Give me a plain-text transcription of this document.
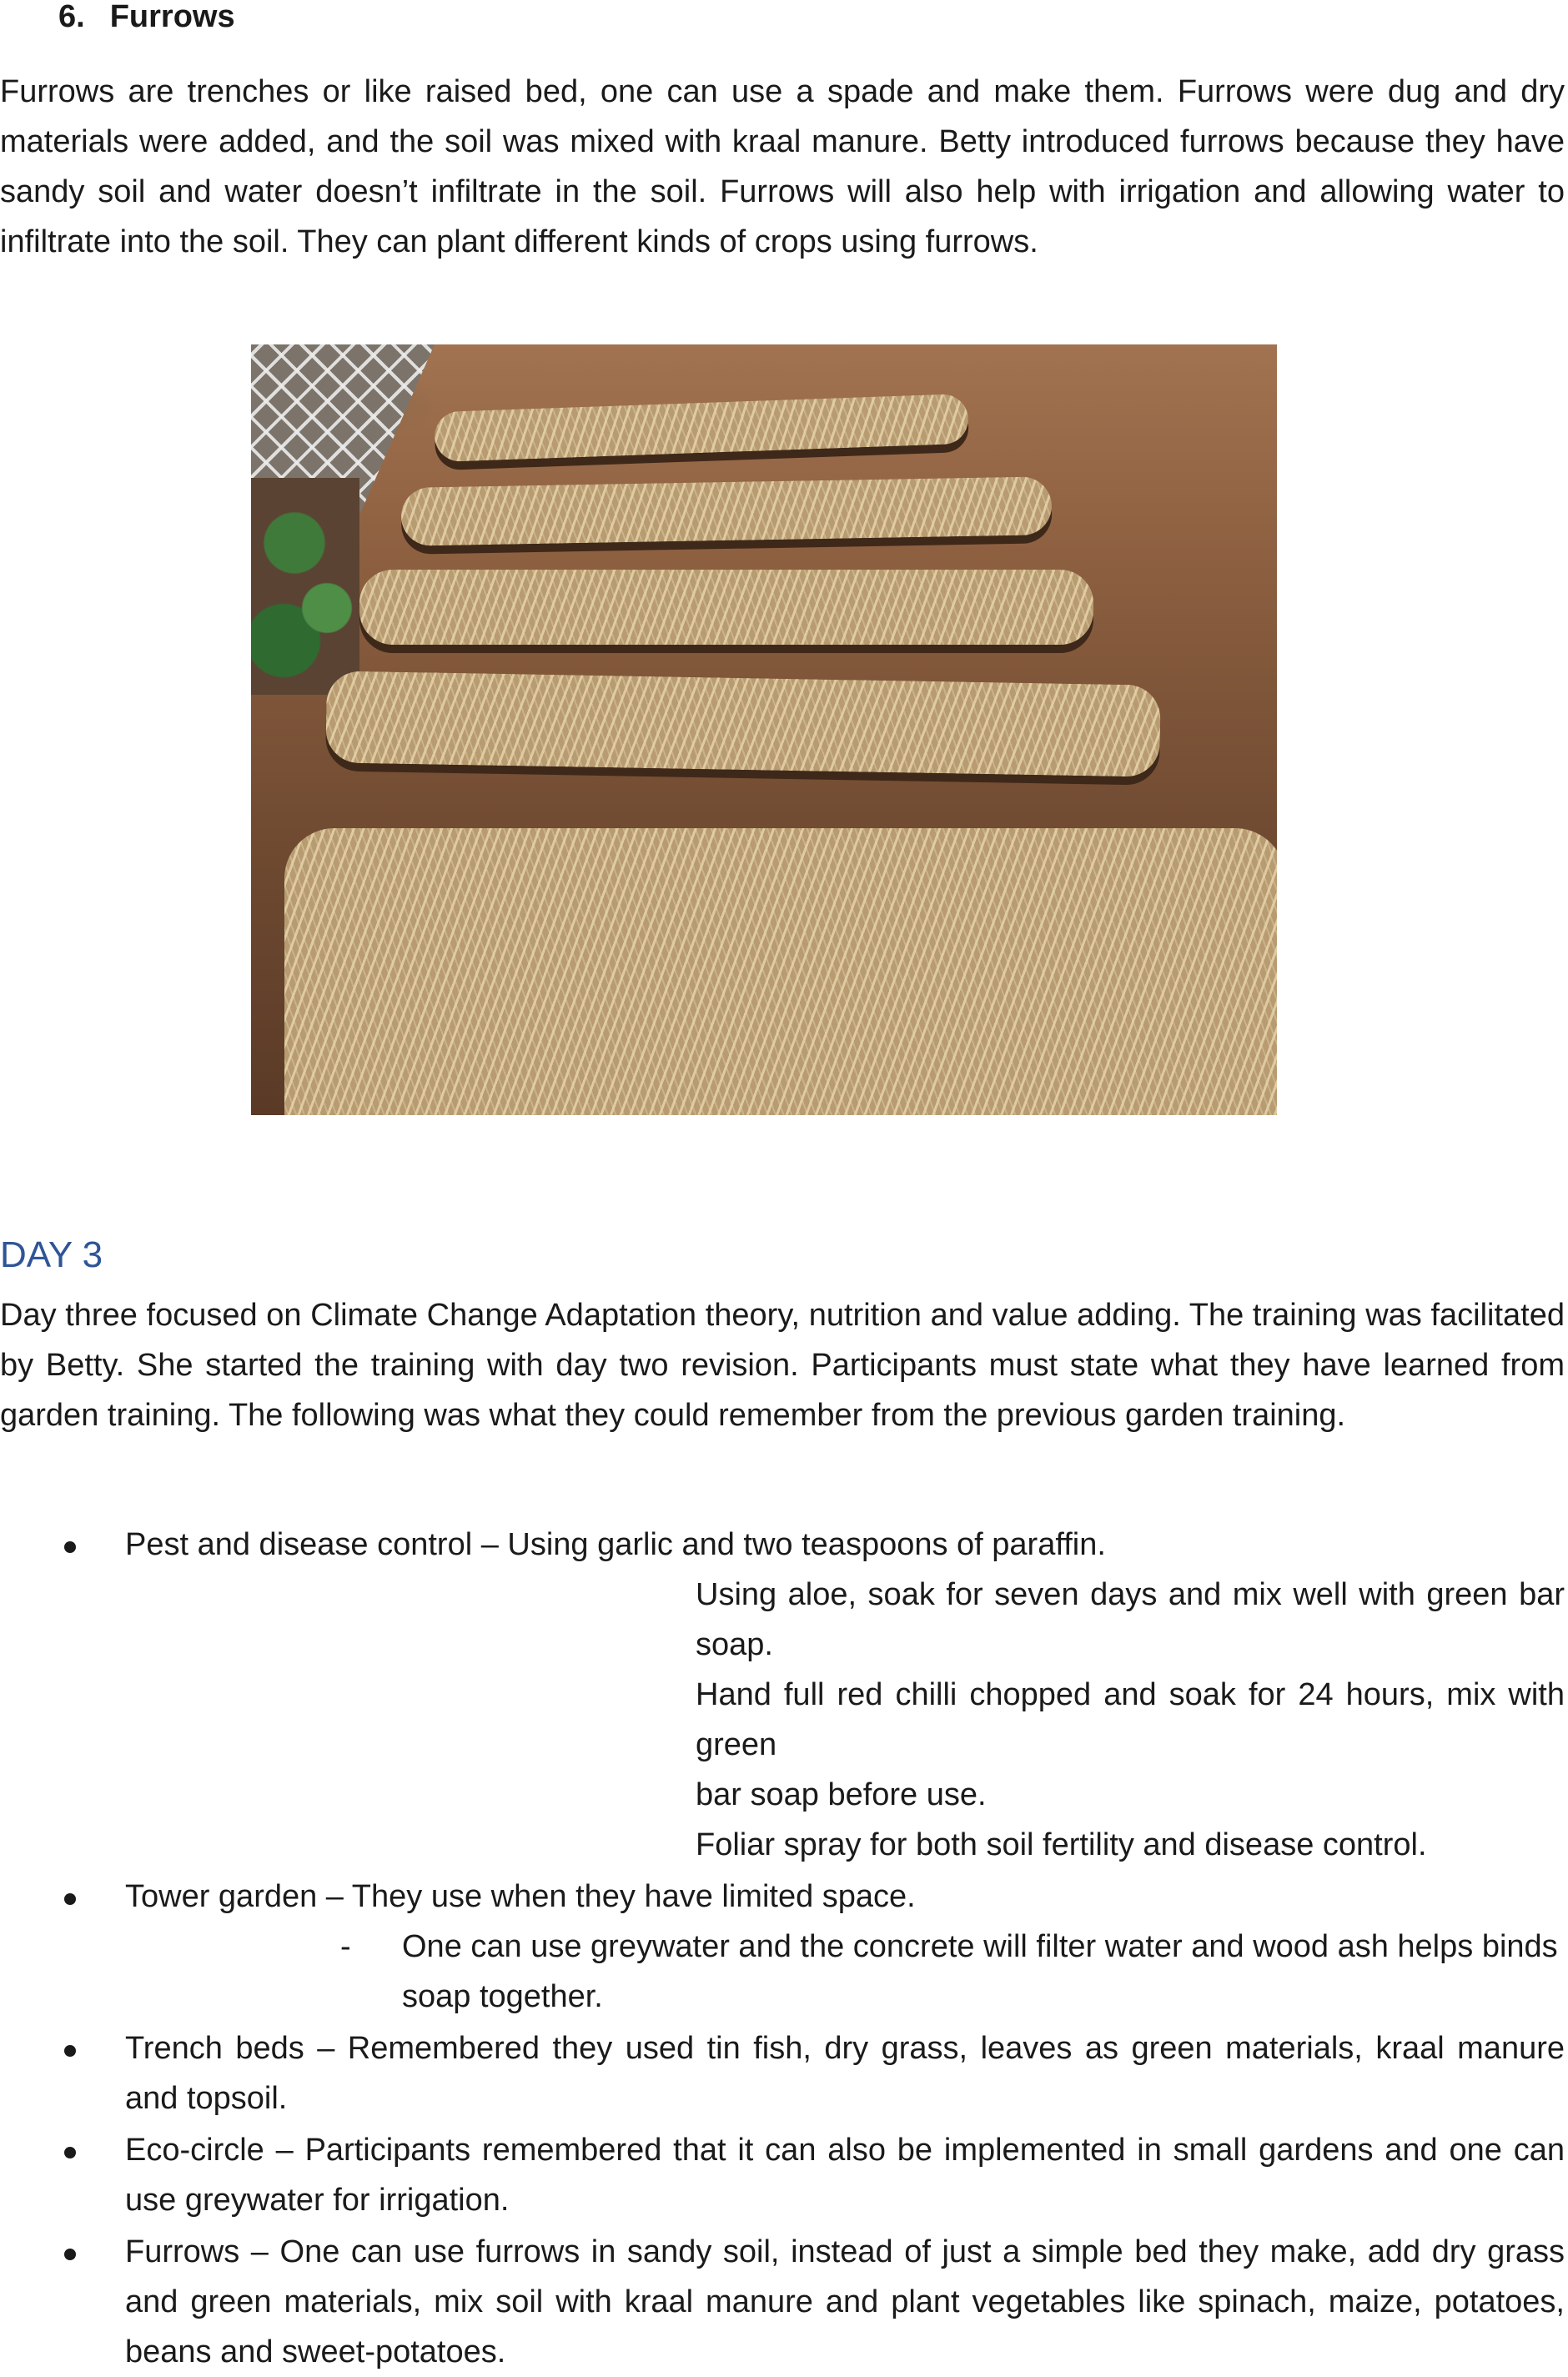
6. Furrows

Furrows are trenches or like raised bed, one can use a spade and make them. Furrows were dug and dry materials were added, and the soil was mixed with kraal manure. Betty introduced furrows because they have sandy soil and water doesn’t infiltrate in the soil. Furrows will also help with irrigation and allowing water to infiltrate into the soil. They can plant different kinds of crops using furrows.

DAY 3

Day three focused on Climate Change Adaptation theory, nutrition and value adding. The training was facilitated by Betty. She started the training with day two revision. Participants must state what they have learned from garden training. The following was what they could remember from the previous garden training.

Pest and disease control – Using garlic and two teaspoons of paraffin.
Using aloe, soak for seven days and mix well with green bar soap.
Hand full red chilli chopped and soak for 24 hours, mix with green
bar soap before use.
Foliar spray for both soil fertility and disease control.
Tower garden – They use when they have limited space.
- One can use greywater and the concrete will filter water and wood ash helps binds soap together.
Trench beds – Remembered they used tin fish, dry grass, leaves as green materials, kraal manure and topsoil.
Eco-circle – Participants remembered that it can also be implemented in small gardens and one can use greywater for irrigation.
Furrows – One can use furrows in sandy soil, instead of just a simple bed they make, add dry grass and green materials, mix soil with kraal manure and plant vegetables like spinach, maize, potatoes, beans and sweet-potatoes.
